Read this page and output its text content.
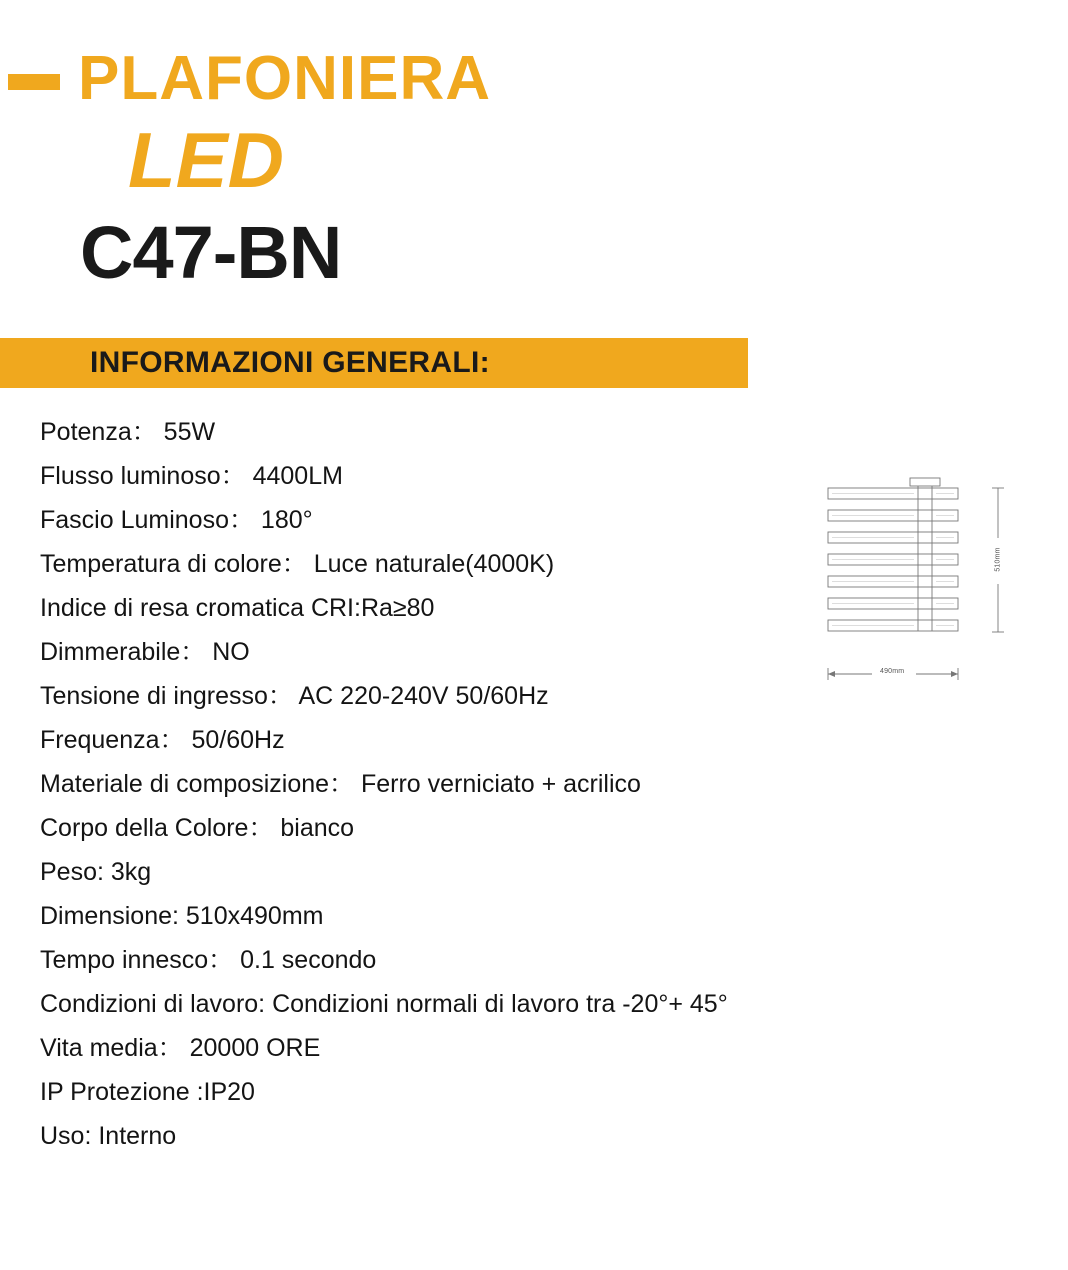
PLAFONIERA
LED
C47-BN
INFORMAZIONI GENERALI:
Potenza： 55W
Flusso luminoso： 4400LM
Fascio Luminoso： 180°
Temperatura di colore： Luce naturale(4000K)
Indice di resa cromatica CRI:Ra≥80
Dimmerabile： NO
Tensione di ingresso： AC 220-240V 50/60Hz
Frequenza： 50/60Hz
Materiale di composizione： Ferro verniciato + acrilico
Corpo della Colore： bianco
Peso: 3kg
Dimensione: 510x490mm
Tempo innesco： 0.1 secondo
Condizioni di lavoro: Condizioni normali di lavoro tra -20°+ 45°
Vita media： 20000 ORE
IP Protezione :IP20
Uso: Interno
510mm
490mm
